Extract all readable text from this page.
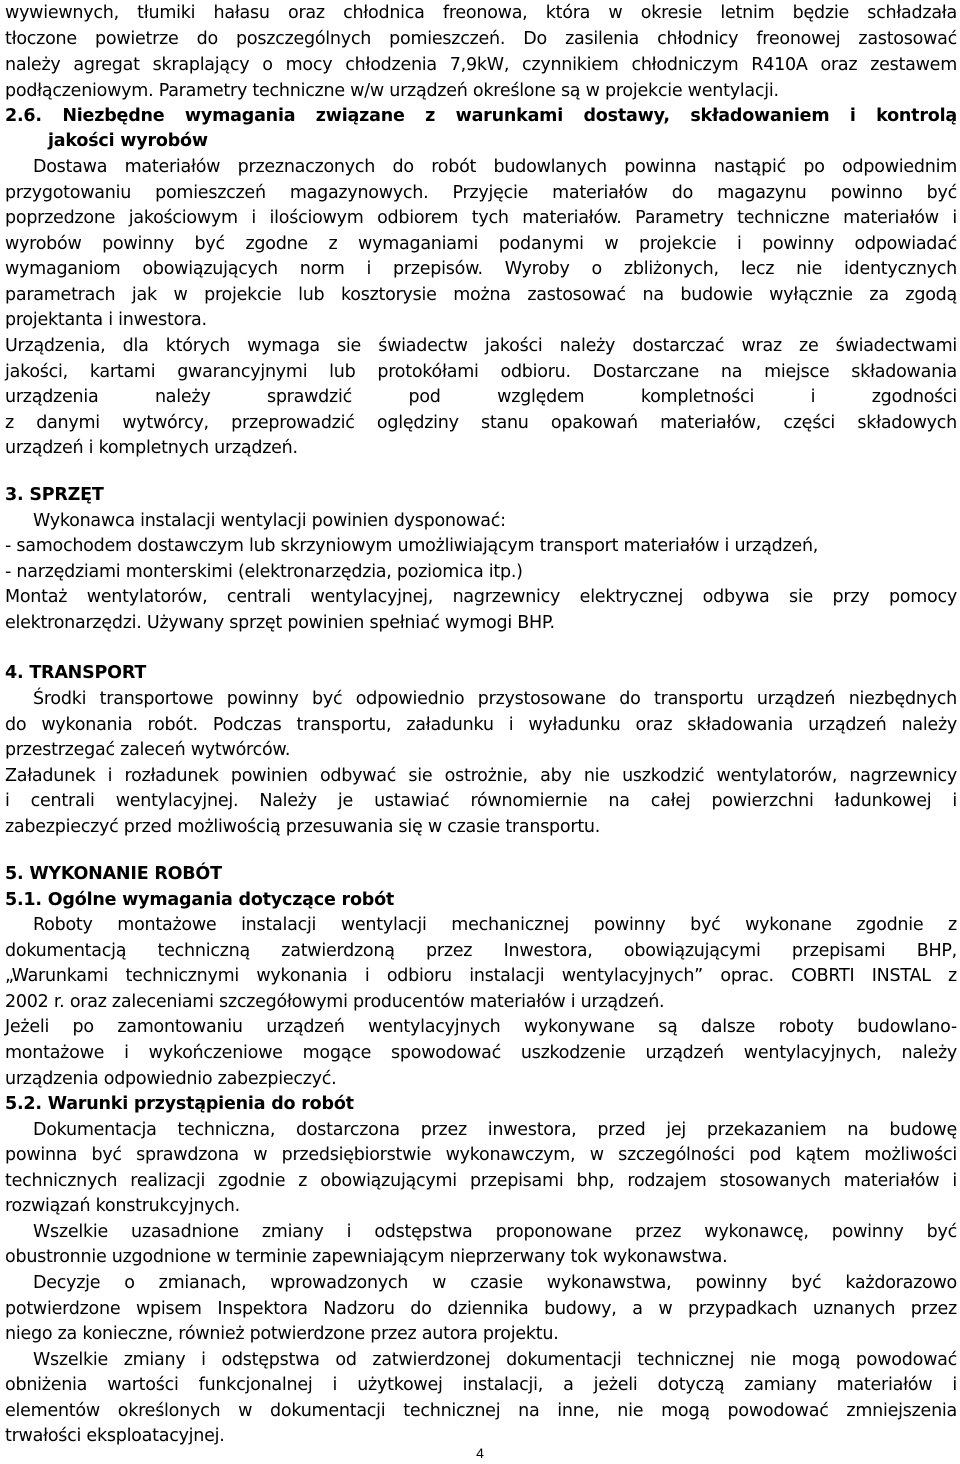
wywiewnych, tłumiki hałasu oraz chłodnica freonowa, która w okresie letnim będzie schładzała
tłoczone powietrze do poszczególnych pomieszczeń. Do zasilenia chłodnicy freonowej zastosować
należy agregat skraplający o mocy chłodzenia 7,9kW, czynnikiem chłodniczym R410A oraz zestawem
podłączeniowym. Parametry techniczne w/w urządzeń określone są w projekcie wentylacji.
2.6. Niezbędne wymagania związane z warunkami dostawy, składowaniem i kontrolą
jakości wyrobów
Dostawa materiałów przeznaczonych do robót budowlanych powinna nastąpić po odpowiednim
przygotowaniu pomieszczeń magazynowych. Przyjęcie materiałów do magazynu powinno być
poprzedzone jakościowym i ilościowym odbiorem tych materiałów. Parametry techniczne materiałów i
wyrobów powinny być zgodne z wymaganiami podanymi w projekcie i powinny odpowiadać
wymaganiom obowiązujących norm i przepisów. Wyroby o zbliżonych, lecz nie identycznych
parametrach jak w projekcie lub kosztorysie można zastosować na budowie wyłącznie za zgodą
projektanta i inwestora.
Urządzenia, dla których wymaga sie świadectw jakości należy dostarczać wraz ze świadectwami
jakości, kartami gwarancyjnymi lub protokółami odbioru. Dostarczane na miejsce składowania
urządzenia należy sprawdzić pod względem kompletności i zgodności
z danymi wytwórcy, przeprowadzić oględziny stanu opakowań materiałów, części składowych
urządzeń i kompletnych urządzeń.
3. SPRZĘT
Wykonawca instalacji wentylacji powinien dysponować:
- samochodem dostawczym lub skrzyniowym umożliwiającym transport materiałów i urządzeń,
- narzędziami monterskimi (elektronarzędzia, poziomica itp.)
Montaż wentylatorów, centrali wentylacyjnej, nagrzewnicy elektrycznej odbywa sie przy pomocy
elektronarzędzi. Używany sprzęt powinien spełniać wymogi BHP.
4. TRANSPORT
Środki transportowe powinny być odpowiednio przystosowane do transportu urządzeń niezbędnych
do wykonania robót. Podczas transportu, załadunku i wyładunku oraz składowania urządzeń należy
przestrzegać zaleceń wytwórców.
Załadunek i rozładunek powinien odbywać sie ostrożnie, aby nie uszkodzić wentylatorów, nagrzewnicy
i centrali wentylacyjnej. Należy je ustawiać równomiernie na całej powierzchni ładunkowej i
zabezpieczyć przed możliwością przesuwania się w czasie transportu.
5. WYKONANIE ROBÓT
5.1. Ogólne wymagania dotyczące robót
Roboty montażowe instalacji wentylacji mechanicznej powinny być wykonane zgodnie z
dokumentacją techniczną zatwierdzoną przez Inwestora, obowiązującymi przepisami BHP,
„Warunkami technicznymi wykonania i odbioru instalacji wentylacyjnych” oprac. COBRTI INSTAL z
2002 r. oraz zaleceniami szczegółowymi producentów materiałów i urządzeń.
Jeżeli po zamontowaniu urządzeń wentylacyjnych wykonywane są dalsze roboty budowlano-
montażowe i wykończeniowe mogące spowodować uszkodzenie urządzeń wentylacyjnych, należy
urządzenia odpowiednio zabezpieczyć.
5.2. Warunki przystąpienia do robót
Dokumentacja techniczna, dostarczona przez inwestora, przed jej przekazaniem na budowę
powinna być sprawdzona w przedsiębiorstwie wykonawczym, w szczególności pod kątem możliwości
technicznych realizacji zgodnie z obowiązującymi przepisami bhp, rodzajem stosowanych materiałów i
rozwiązań konstrukcyjnych.
Wszelkie uzasadnione zmiany i odstępstwa proponowane przez wykonawcę, powinny być
obustronnie uzgodnione w terminie zapewniającym nieprzerwany tok wykonawstwa.
Decyzje o zmianach, wprowadzonych w czasie wykonawstwa, powinny być każdorazowo
potwierdzone wpisem Inspektora Nadzoru do dziennika budowy, a w przypadkach uznanych przez
niego za konieczne, również potwierdzone przez autora projektu.
Wszelkie zmiany i odstępstwa od zatwierdzonej dokumentacji technicznej nie mogą powodować
obniżenia wartości funkcjonalnej i użytkowej instalacji, a jeżeli dotyczą zamiany materiałów i
elementów określonych w dokumentacji technicznej na inne, nie mogą powodować zmniejszenia
trwałości eksploatacyjnej.
4
